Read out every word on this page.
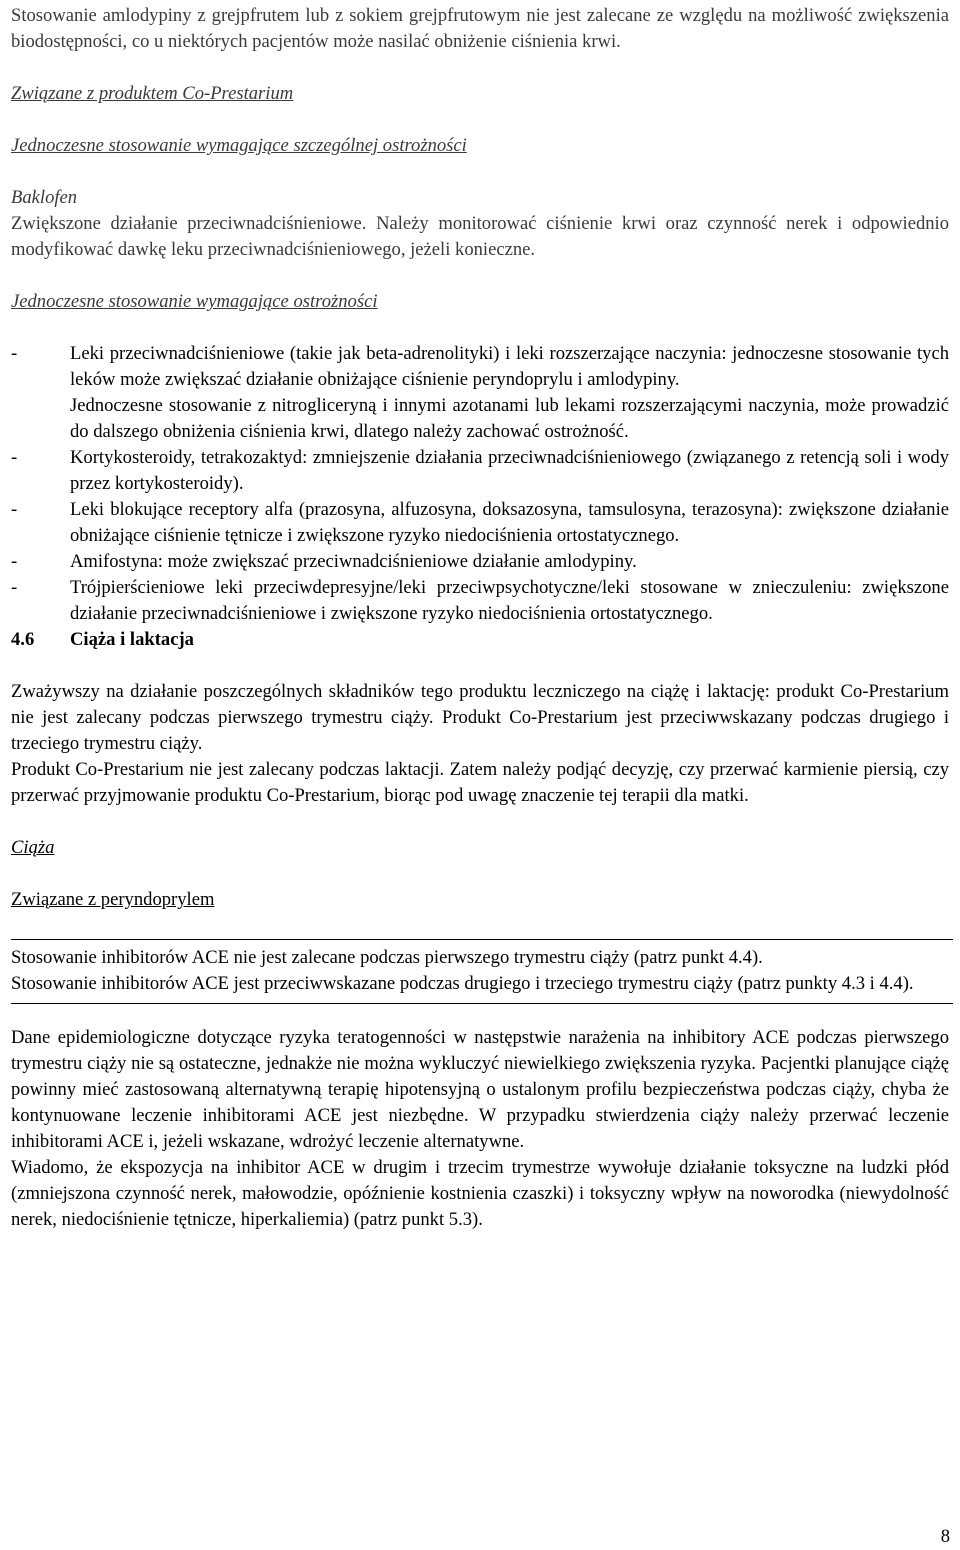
Stosowanie amlodypiny z grejpfrutem lub z sokiem grejpfrutowym nie jest zalecane ze względu na możliwość zwiększenia biodostępności, co u niektórych pacjentów może nasilać obniżenie ciśnienia krwi.

Związane z produktem Co-Prestarium

Jednoczesne stosowanie wymagające szczególnej ostrożności

Baklofen

Zwiększone działanie przeciwnadciśnieniowe. Należy monitorować ciśnienie krwi oraz czynność nerek i odpowiednio modyfikować dawkę leku przeciwnadciśnieniowego, jeżeli konieczne.

Jednoczesne stosowanie wymagające ostrożności

-	Leki przeciwnadciśnieniowe (takie jak beta-adrenolityki) i leki rozszerzające naczynia: jednoczesne stosowanie tych leków może zwiększać działanie obniżające ciśnienie peryndoprylu i amlodypiny.

Jednoczesne stosowanie z nitrogliceryną i innymi azotanami lub lekami rozszerzającymi naczynia, może prowadzić do dalszego obniżenia ciśnienia krwi, dlatego należy zachować ostrożność.

-	Kortykosteroidy, tetrakozaktyd: zmniejszenie działania przeciwnadciśnieniowego (związanego z retencją soli i wody przez kortykosteroidy).

-	Leki blokujące receptory alfa (prazosyna, alfuzosyna, doksazosyna, tamsulosyna, terazosyna): zwiększone działanie obniżające ciśnienie tętnicze i zwiększone ryzyko niedociśnienia ortostatycznego.

-	Amifostyna: może zwiększać przeciwnadciśnieniowe działanie amlodypiny.

-	Trójpierścieniowe leki przeciwdepresyjne/leki przeciwpsychotyczne/leki stosowane w znieczuleniu: zwiększone działanie przeciwnadciśnieniowe i zwiększone ryzyko niedociśnienia ortostatycznego.

4.6	Ciąża i laktacja

Zważywszy na działanie poszczególnych składników tego produktu leczniczego na ciążę i laktację: produkt Co-Prestarium nie jest zalecany podczas pierwszego trymestru ciąży. Produkt Co-Prestarium jest przeciwwskazany podczas drugiego i trzeciego trymestru ciąży.

Produkt Co-Prestarium nie jest zalecany podczas laktacji. Zatem należy podjąć decyzję, czy przerwać karmienie piersią, czy przerwać przyjmowanie produktu Co-Prestarium, biorąc pod uwagę znaczenie tej terapii dla matki.

Ciąża

Związane z peryndoprylem

Stosowanie inhibitorów ACE nie jest zalecane podczas pierwszego trymestru ciąży (patrz punkt 4.4).

Stosowanie inhibitorów ACE jest przeciwwskazane podczas drugiego i trzeciego trymestru ciąży (patrz punkty 4.3 i 4.4).

Dane epidemiologiczne dotyczące ryzyka teratogenności w następstwie narażenia na inhibitory ACE podczas pierwszego trymestru ciąży nie są ostateczne, jednakże nie można wykluczyć niewielkiego zwiększenia ryzyka. Pacjentki planujące ciążę powinny mieć zastosowaną alternatywną terapię hipotensyjną o ustalonym profilu bezpieczeństwa podczas ciąży, chyba że kontynuowane leczenie inhibitorami ACE jest niezbędne. W przypadku stwierdzenia ciąży należy przerwać leczenie inhibitorami ACE i, jeżeli wskazane, wdrożyć leczenie alternatywne.

Wiadomo, że ekspozycja na inhibitor ACE w drugim i trzecim trymestrze wywołuje działanie toksyczne na ludzki płód (zmniejszona czynność nerek, małowodzie, opóźnienie kostnienia czaszki) i toksyczny wpływ na noworodka (niewydolność nerek, niedociśnienie tętnicze, hiperkaliemia) (patrz punkt 5.3).

8
